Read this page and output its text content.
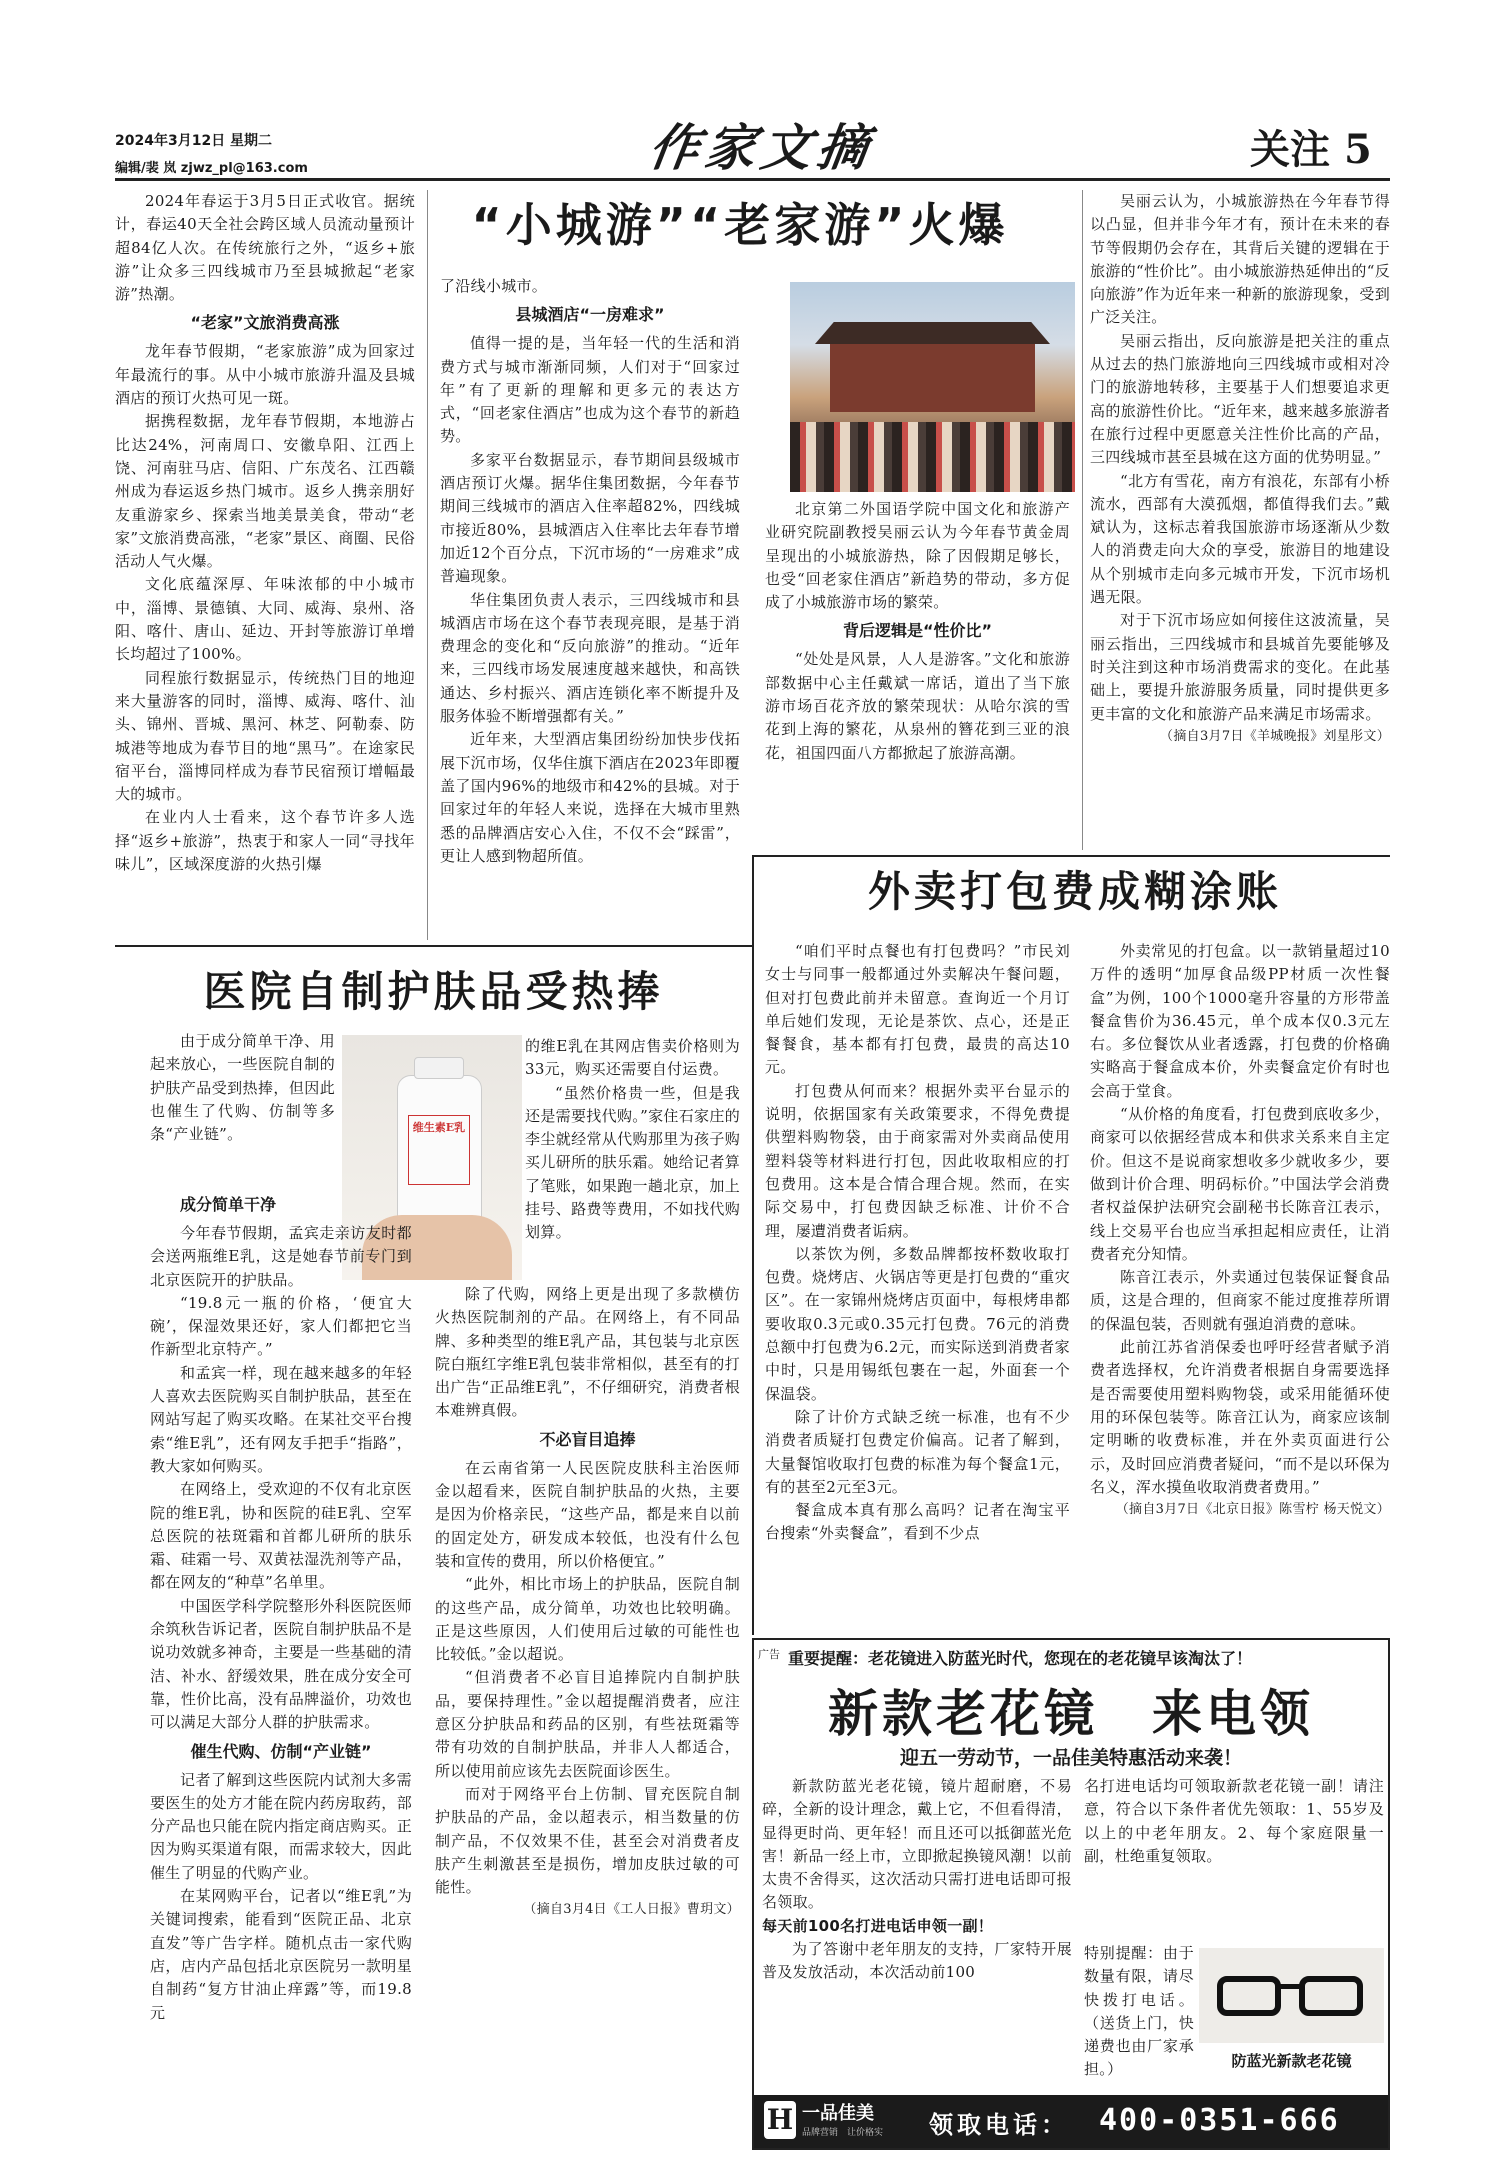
2024年3月12日 星期二
编辑/裴 岚 zjwz_pl@163.com	作家文摘	关注 5

2024年春运于3月5日正式收官。据统计，春运40天全社会跨区域人员流动量预计超84亿人次。在传统旅行之外，“返乡+旅游”让众多三四线城市乃至县城掀起“老家游”热潮。

“老家”文旅消费高涨

龙年春节假期，“老家旅游”成为回家过年最流行的事。从中小城市旅游升温及县城酒店的预订火热可见一斑。

据携程数据，龙年春节假期，本地游占比达24%，河南周口、安徽阜阳、江西上饶、河南驻马店、信阳、广东茂名、江西赣州成为春运返乡热门城市。返乡人携亲朋好友重游家乡、探索当地美景美食，带动“老家”文旅消费高涨，“老家”景区、商圈、民俗活动人气火爆。

文化底蕴深厚、年味浓郁的中小城市中，淄博、景德镇、大同、威海、泉州、洛阳、喀什、唐山、延边、开封等旅游订单增长均超过了100%。

同程旅行数据显示，传统热门目的地迎来大量游客的同时，淄博、威海、喀什、汕头、锦州、晋城、黑河、林芝、阿勒泰、防城港等地成为春节目的地“黑马”。在途家民宿平台，淄博同样成为春节民宿预订增幅最大的城市。

在业内人士看来，这个春节许多人选择“返乡+旅游”，热衷于和家人一同“寻找年味儿”，区域深度游的火热引爆

“小城游”“老家游”火爆

了沿线小城市。

县城酒店“一房难求”

值得一提的是，当年轻一代的生活和消费方式与城市渐渐同频，人们对于“回家过年”有了更新的理解和更多元的表达方式，“回老家住酒店”也成为这个春节的新趋势。

多家平台数据显示，春节期间县级城市酒店预订火爆。据华住集团数据，今年春节期间三线城市的酒店入住率超82%，四线城市接近80%，县城酒店入住率比去年春节增加近12个百分点，下沉市场的“一房难求”成普遍现象。

华住集团负责人表示，三四线城市和县城酒店市场在这个春节表现亮眼，是基于消费理念的变化和“反向旅游”的推动。“近年来，三四线市场发展速度越来越快，和高铁通达、乡村振兴、酒店连锁化率不断提升及服务体验不断增强都有关。”

近年来，大型酒店集团纷纷加快步伐拓展下沉市场，仅华住旗下酒店在2023年即覆盖了国内96%的地级市和42%的县城。对于回家过年的年轻人来说，选择在大城市里熟悉的品牌酒店安心入住，不仅不会“踩雷”，更让人感到物超所值。

北京第二外国语学院中国文化和旅游产业研究院副教授吴丽云认为今年春节黄金周呈现出的小城旅游热，除了因假期足够长，也受“回老家住酒店”新趋势的带动，多方促成了小城旅游市场的繁荣。

背后逻辑是“性价比”

“处处是风景，人人是游客。”文化和旅游部数据中心主任戴斌一席话，道出了当下旅游市场百花齐放的繁荣现状：从哈尔滨的雪花到上海的繁花，从泉州的簪花到三亚的浪花，祖国四面八方都掀起了旅游高潮。

吴丽云认为，小城旅游热在今年春节得以凸显，但并非今年才有，预计在未来的春节等假期仍会存在，其背后关键的逻辑在于旅游的“性价比”。由小城旅游热延伸出的“反向旅游”作为近年来一种新的旅游现象，受到广泛关注。

吴丽云指出，反向旅游是把关注的重点从过去的热门旅游地向三四线城市或相对冷门的旅游地转移，主要基于人们想要追求更高的旅游性价比。“近年来，越来越多旅游者在旅行过程中更愿意关注性价比高的产品，三四线城市甚至县城在这方面的优势明显。”

“北方有雪花，南方有浪花，东部有小桥流水，西部有大漠孤烟，都值得我们去。”戴斌认为，这标志着我国旅游市场逐渐从少数人的消费走向大众的享受，旅游目的地建设从个别城市走向多元城市开发，下沉市场机遇无限。

对于下沉市场应如何接住这波流量，吴丽云指出，三四线城市和县城首先要能够及时关注到这种市场消费需求的变化。在此基础上，要提升旅游服务质量，同时提供更多更丰富的文化和旅游产品来满足市场需求。

（摘自3月7日《羊城晚报》刘星彤文）

外卖打包费成糊涂账

“咱们平时点餐也有打包费吗？”市民刘女士与同事一般都通过外卖解决午餐问题，但对打包费此前并未留意。查询近一个月订单后她们发现，无论是茶饮、点心，还是正餐餐食，基本都有打包费，最贵的高达10元。

打包费从何而来？根据外卖平台显示的说明，依据国家有关政策要求，不得免费提供塑料购物袋，由于商家需对外卖商品使用塑料袋等材料进行打包，因此收取相应的打包费用。这本是合情合理合规。然而，在实际交易中，打包费因缺乏标准、计价不合理，屡遭消费者诟病。

以茶饮为例，多数品牌都按杯数收取打包费。烧烤店、火锅店等更是打包费的“重灾区”。在一家锦州烧烤店页面中，每根烤串都要收取0.3元或0.35元打包费。76元的消费总额中打包费为6.2元，而实际送到消费者家中时，只是用锡纸包裹在一起，外面套一个保温袋。

除了计价方式缺乏统一标准，也有不少消费者质疑打包费定价偏高。记者了解到，大量餐馆收取打包费的标准为每个餐盒1元，有的甚至2元至3元。

餐盒成本真有那么高吗？记者在淘宝平台搜索“外卖餐盒”，看到不少点

外卖常见的打包盒。以一款销量超过10万件的透明“加厚食品级PP材质一次性餐盒”为例，100个1000毫升容量的方形带盖餐盒售价为36.45元，单个成本仅0.3元左右。多位餐饮从业者透露，打包费的价格确实略高于餐盒成本价，外卖餐盒定价有时也会高于堂食。

“从价格的角度看，打包费到底收多少，商家可以依据经营成本和供求关系来自主定价。但这不是说商家想收多少就收多少，要做到计价合理、明码标价。”中国法学会消费者权益保护法研究会副秘书长陈音江表示，线上交易平台也应当承担起相应责任，让消费者充分知情。

陈音江表示，外卖通过包装保证餐食品质，这是合理的，但商家不能过度推荐所谓的保温包装，否则就有强迫消费的意味。

此前江苏省消保委也呼吁经营者赋予消费者选择权，允许消费者根据自身需要选择是否需要使用塑料购物袋，或采用能循环使用的环保包装等。陈音江认为，商家应该制定明晰的收费标准，并在外卖页面进行公示，及时回应消费者疑问，“而不是以环保为名义，浑水摸鱼收取消费者费用。”

（摘自3月7日《北京日报》陈雪柠 杨天悦文）

医院自制护肤品受热捧

由于成分简单干净、用起来放心，一些医院自制的护肤产品受到热捧，但因此也催生了代购、仿制等多条“产业链”。	维生素E乳
成分简单干净

今年春节假期，孟宾走亲访友时都会送两瓶维E乳，这是她春节前专门到北京医院开的护肤品。

“19.8元一瓶的价格，‘便宜大碗’，保湿效果还好，家人们都把它当作新型北京特产。”

和孟宾一样，现在越来越多的年轻人喜欢去医院购买自制护肤品，甚至在网站写起了购买攻略。在某社交平台搜索“维E乳”，还有网友手把手“指路”，教大家如何购买。

在网络上，受欢迎的不仅有北京医院的维E乳，协和医院的硅E乳、空军总医院的祛斑霜和首都儿研所的肤乐霜、硅霜一号、双黄祛湿洗剂等产品，都在网友的“种草”名单里。

中国医学科学院整形外科医院医师余筑秋告诉记者，医院自制护肤品不是说功效就多神奇，主要是一些基础的清洁、补水、舒缓效果，胜在成分安全可靠，性价比高，没有品牌溢价，功效也可以满足大部分人群的护肤需求。

催生代购、仿制“产业链”

记者了解到这些医院内试剂大多需要医生的处方才能在院内药房取药，部分产品也只能在院内指定商店购买。正因为购买渠道有限，而需求较大，因此催生了明显的代购产业。

在某网购平台，记者以“维E乳”为关键词搜索，能看到“医院正品、北京直发”等广告字样。随机点击一家代购店，店内产品包括北京医院另一款明星自制药“复方甘油止痒露”等，而19.8元

的维E乳在其网店售卖价格则为33元，购买还需要自付运费。

“虽然价格贵一些，但是我还是需要找代购。”家住石家庄的李尘就经常从代购那里为孩子购买儿研所的肤乐霜。她给记者算了笔账，如果跑一趟北京，加上挂号、路费等费用，不如找代购划算。

除了代购，网络上更是出现了多款横仿火热医院制剂的产品。在网络上，有不同品牌、多种类型的维E乳产品，其包装与北京医院白瓶红字维E乳包装非常相似，甚至有的打出广告“正品维E乳”，不仔细研究，消费者根本难辨真假。

不必盲目追捧

在云南省第一人民医院皮肤科主治医师金以超看来，医院自制护肤品的火热，主要是因为价格亲民，“这些产品，都是来自以前的固定处方，研发成本较低，也没有什么包装和宣传的费用，所以价格便宜。”

“此外，相比市场上的护肤品，医院自制的这些产品，成分简单，功效也比较明确。正是这些原因，人们使用后过敏的可能性也比较低。”金以超说。

“但消费者不必盲目追捧院内自制护肤品，要保持理性。”金以超提醒消费者，应注意区分护肤品和药品的区别，有些祛斑霜等带有功效的自制护肤品，并非人人都适合，所以使用前应该先去医院面诊医生。

而对于网络平台上仿制、冒充医院自制护肤品的产品，金以超表示，相当数量的仿制产品，不仅效果不佳，甚至会对消费者皮肤产生刺激甚至是损伤，增加皮肤过敏的可能性。

（摘自3月4日《工人日报》曹玥文）

广告 重要提醒：老花镜进入防蓝光时代，您现在的老花镜早该淘汰了！
新款老花镜　来电领
迎五一劳动节，一品佳美特惠活动来袭！

新款防蓝光老花镜，镜片超耐磨，不易碎，全新的设计理念，戴上它，不但看得清，显得更时尚、更年轻！而且还可以抵御蓝光危害！新品一经上市，立即掀起换镜风潮！以前太贵不舍得买，这次活动只需打进电话即可报名领取。

每天前100名打进电话申领一副！

为了答谢中老年朋友的支持，厂家特开展普及发放活动，本次活动前100

名打进电话均可领取新款老花镜一副！请注意，符合以下条件者优先领取：1、55岁及以上的中老年朋友。2、每个家庭限量一副，杜绝重复领取。

特别提醒：由于数量有限，请尽快拨打电话。（送货上门，快递费也由厂家承担。）	防蓝光新款老花镜
H 一品佳美
品牌营销　让价格实 领取电话： 400-0351-666
